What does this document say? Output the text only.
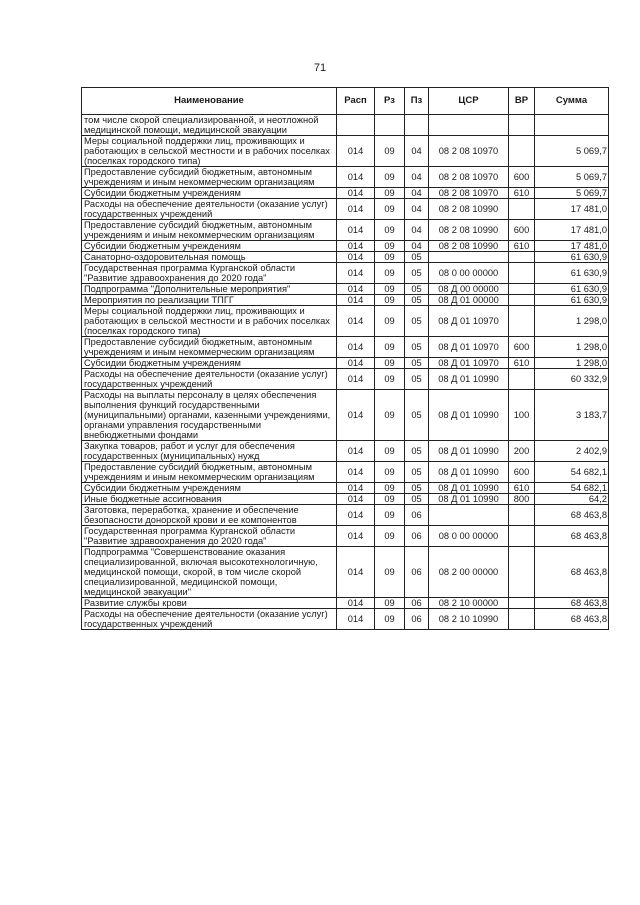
71
Наименование	Расп	Рз	Пз	ЦСР	ВР	Сумма
том числе скорой специализированной, и неотложной медицинской помощи, медицинской эвакуации						
Меры социальной поддержки лиц, проживающих и работающих в сельской местности и в рабочих поселках (поселках городского типа)	014	09	04	08 2 08 10970		5 069,7
Предоставление субсидий бюджетным, автономным учреждениям и иным некоммерческим организациям	014	09	04	08 2 08 10970	600	5 069,7
Субсидии бюджетным учреждениям	014	09	04	08 2 08 10970	610	5 069,7
Расходы на обеспечение деятельности (оказание услуг) государственных учреждений	014	09	04	08 2 08 10990		17 481,0
Предоставление субсидий бюджетным, автономным учреждениям и иным некоммерческим организациям	014	09	04	08 2 08 10990	600	17 481,0
Субсидии бюджетным учреждениям	014	09	04	08 2 08 10990	610	17 481,0
Санаторно-оздоровительная помощь	014	09	05			61 630,9
Государственная программа Курганской области "Развитие здравоохранения до 2020 года"	014	09	05	08 0 00 00000		61 630,9
Подпрограмма "Дополнительные мероприятия"	014	09	05	08 Д 00 00000		61 630,9
Мероприятия по реализации ТПГГ	014	09	05	08 Д 01 00000		61 630,9
Меры социальной поддержки лиц, проживающих и работающих в сельской местности и в рабочих поселках (поселках городского типа)	014	09	05	08 Д 01 10970		1 298,0
Предоставление субсидий бюджетным, автономным учреждениям и иным некоммерческим организациям	014	09	05	08 Д 01 10970	600	1 298,0
Субсидии бюджетным учреждениям	014	09	05	08 Д 01 10970	610	1 298,0
Расходы на обеспечение деятельности (оказание услуг) государственных учреждений	014	09	05	08 Д 01 10990		60 332,9
Расходы на выплаты персоналу в целях обеспечения выполнения функций государственными (муниципальными) органами, казенными учреждениями, органами управления государственными внебюджетными фондами	014	09	05	08 Д 01 10990	100	3 183,7
Закупка товаров, работ и услуг для обеспечения государственных (муниципальных) нужд	014	09	05	08 Д 01 10990	200	2 402,9
Предоставление субсидий бюджетным, автономным учреждениям и иным некоммерческим организациям	014	09	05	08 Д 01 10990	600	54 682,1
Субсидии бюджетным учреждениям	014	09	05	08 Д 01 10990	610	54 682,1
Иные бюджетные ассигнования	014	09	05	08 Д 01 10990	800	64,2
Заготовка, переработка, хранение и обеспечение безопасности донорской крови и ее компонентов	014	09	06			68 463,8
Государственная программа Курганской области "Развитие здравоохранения до 2020 года"	014	09	06	08 0 00 00000		68 463,8
Подпрограмма "Совершенствование оказания специализированной, включая высокотехнологичную, медицинской помощи, скорой, в том числе скорой специализированной, медицинской помощи, медицинской эвакуации"	014	09	06	08 2 00 00000		68 463,8
Развитие службы крови	014	09	06	08 2 10 00000		68 463,8
Расходы на обеспечение деятельности (оказание услуг) государственных учреждений	014	09	06	08 2 10 10990		68 463,8
